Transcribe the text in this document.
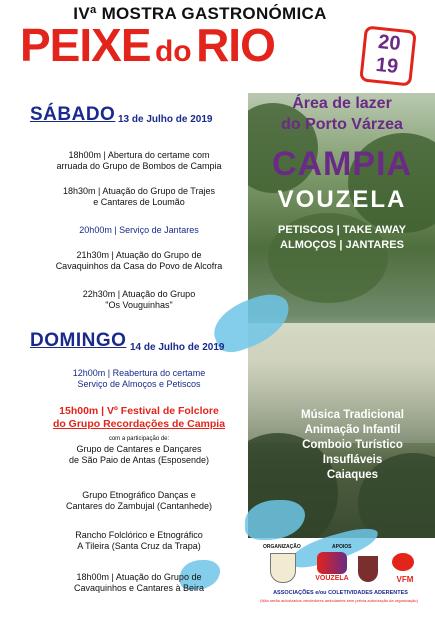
IVª MOSTRA GASTRONÓMICA
PEIXE do RIO	20
19
Área de lazer
do Porto Várzea
CAMPIA
VOUZELA
PETISCOS | TAKE AWAY
ALMOÇOS | JANTARES
SÁBADO 13 de Julho de 2019
18h00m | Abertura do certame com
arruada do Grupo de Bombos de Campia
18h30m | Atuação do Grupo de Trajes
e Cantares de Loumão
20h00m | Serviço de Jantares
21h30m | Atuação do Grupo de
Cavaquinhos da Casa do Povo de Alcofra
22h30m | Atuação do Grupo
"Os Vouguinhas"
DOMINGO 14 de Julho de 2019
12h00m | Reabertura do certame
Serviço de Almoços e Petiscos
15h00m | Vº Festival de Folclore
do Grupo Recordações de Campia
com a participação de:
Grupo de Cantares e Dançares
de São Paio de Antas (Esposende)
Grupo Etnográfico Danças e
Cantares do Zambujal (Cantanhede)
Rancho Folclórico e Etnográfico
A Tileira (Santa Cruz da Trapa)
18h00m | Atuação do Grupo de
Cavaquinhos e Cantares à Beira
Música Tradicional
Animação Infantil
Comboio Turístico
Insufláveis
Caiaques
ORGANIZAÇÃO	APOIOS
VOUZELA	VFM
ASSOCIAÇÕES e/ou COLETIVIDADES ADERENTES
(Não serão autorizados vendedores ambulantes sem prévia autorização da organização)
